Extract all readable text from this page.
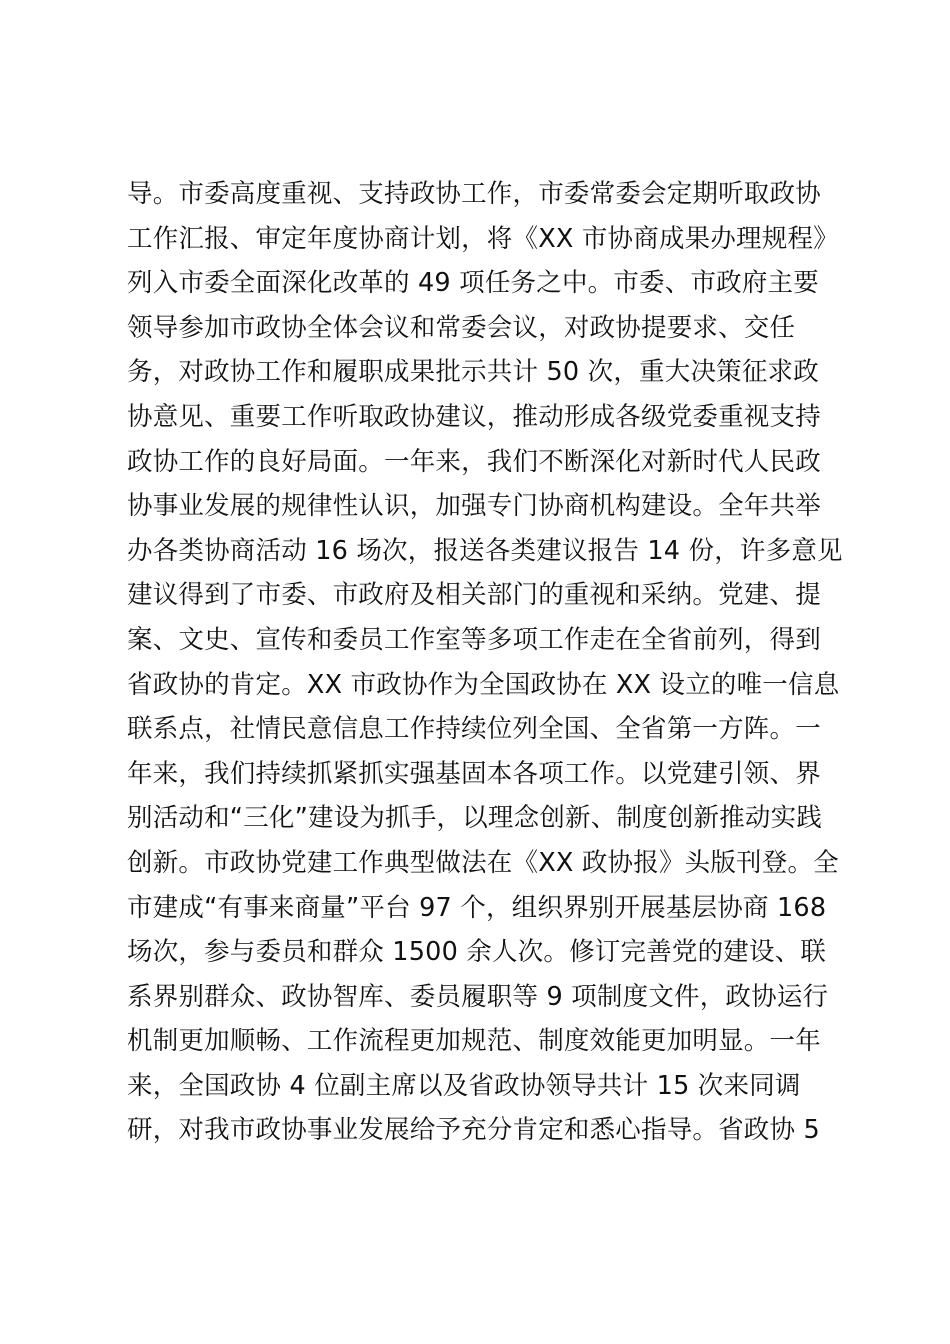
导。市委高度重视、支持政协工作，市委常委会定期听取政协
工作汇报、审定年度协商计划，将《XX 市协商成果办理规程》
列入市委全面深化改革的 49 项任务之中。市委、市政府主要
领导参加市政协全体会议和常委会议，对政协提要求、交任
务，对政协工作和履职成果批示共计 50 次，重大决策征求政
协意见、重要工作听取政协建议，推动形成各级党委重视支持
政协工作的良好局面。一年来，我们不断深化对新时代人民政
协事业发展的规律性认识，加强专门协商机构建设。全年共举
办各类协商活动 16 场次，报送各类建议报告 14 份，许多意见
建议得到了市委、市政府及相关部门的重视和采纳。党建、提
案、文史、宣传和委员工作室等多项工作走在全省前列，得到
省政协的肯定。XX 市政协作为全国政协在 XX 设立的唯一信息
联系点，社情民意信息工作持续位列全国、全省第一方阵。一
年来，我们持续抓紧抓实强基固本各项工作。以党建引领、界
别活动和“三化”建设为抓手，以理念创新、制度创新推动实践
创新。市政协党建工作典型做法在《XX 政协报》头版刊登。全
市建成“有事来商量”平台 97 个，组织界别开展基层协商 168
场次，参与委员和群众 1500 余人次。修订完善党的建设、联
系界别群众、政协智库、委员履职等 9 项制度文件，政协运行
机制更加顺畅、工作流程更加规范、制度效能更加明显。一年
来，全国政协 4 位副主席以及省政协领导共计 15 次来同调
研，对我市政协事业发展给予充分肯定和悉心指导。省政协 5
